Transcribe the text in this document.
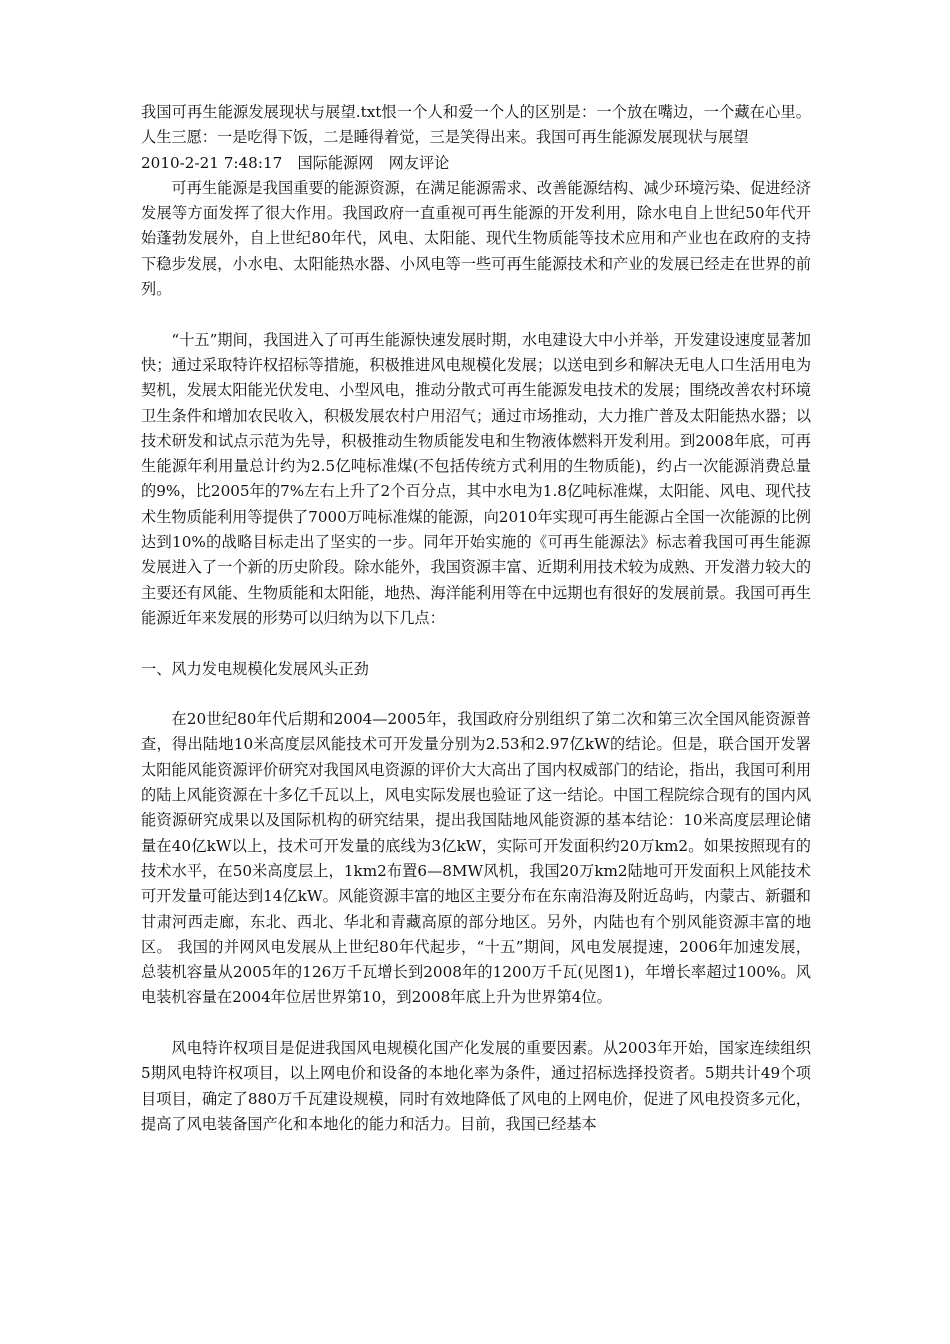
我国可再生能源发展现状与展望.txt恨一个人和爱一个人的区别是：一个放在嘴边，一个藏在心里。人生三愿：一是吃得下饭，二是睡得着觉，三是笑得出来。我国可再生能源发展现状与展望

2010-2-21 7:48:17 国际能源网 网友评论

可再生能源是我国重要的能源资源，在满足能源需求、改善能源结构、减少环境污染、促进经济发展等方面发挥了很大作用。我国政府一直重视可再生能源的开发利用，除水电自上世纪50年代开始蓬勃发展外，自上世纪80年代，风电、太阳能、现代生物质能等技术应用和产业也在政府的支持下稳步发展，小水电、太阳能热水器、小风电等一些可再生能源技术和产业的发展已经走在世界的前列。

“十五”期间，我国进入了可再生能源快速发展时期，水电建设大中小并举，开发建设速度显著加快；通过采取特许权招标等措施，积极推进风电规模化发展；以送电到乡和解决无电人口生活用电为契机，发展太阳能光伏发电、小型风电，推动分散式可再生能源发电技术的发展；围绕改善农村环境卫生条件和增加农民收入，积极发展农村户用沼气；通过市场推动，大力推广普及太阳能热水器；以技术研发和试点示范为先导，积极推动生物质能发电和生物液体燃料开发利用。到2008年底，可再生能源年利用量总计约为2.5亿吨标准煤(不包括传统方式利用的生物质能)，约占一次能源消费总量的9%，比2005年的7%左右上升了2个百分点，其中水电为1.8亿吨标准煤，太阳能、风电、现代技术生物质能利用等提供了7000万吨标准煤的能源，向2010年实现可再生能源占全国一次能源的比例达到10%的战略目标走出了坚实的一步。同年开始实施的《可再生能源法》标志着我国可再生能源发展进入了一个新的历史阶段。除水能外，我国资源丰富、近期利用技术较为成熟、开发潜力较大的主要还有风能、生物质能和太阳能，地热、海洋能利用等在中远期也有很好的发展前景。我国可再生能源近年来发展的形势可以归纳为以下几点：

一、风力发电规模化发展风头正劲

在20世纪80年代后期和2004—2005年，我国政府分别组织了第二次和第三次全国风能资源普查，得出陆地10米高度层风能技术可开发量分别为2.53和2.97亿kW的结论。但是，联合国开发署太阳能风能资源评价研究对我国风电资源的评价大大高出了国内权威部门的结论，指出，我国可利用的陆上风能资源在十多亿千瓦以上，风电实际发展也验证了这一结论。中国工程院综合现有的国内风能资源研究成果以及国际机构的研究结果，提出我国陆地风能资源的基本结论：10米高度层理论储量在40亿kW以上，技术可开发量的底线为3亿kW，实际可开发面积约20万km2。如果按照现有的技术水平，在50米高度层上，1km2布置6—8MW风机，我国20万km2陆地可开发面积上风能技术可开发量可能达到14亿kW。风能资源丰富的地区主要分布在东南沿海及附近岛屿，内蒙古、新疆和甘肃河西走廊，东北、西北、华北和青藏高原的部分地区。另外，内陆也有个别风能资源丰富的地区。 我国的并网风电发展从上世纪80年代起步，“十五”期间，风电发展提速，2006年加速发展，总装机容量从2005年的126万千瓦增长到2008年的1200万千瓦(见图1)，年增长率超过100%。风电装机容量在2004年位居世界第10，到2008年底上升为世界第4位。

风电特许权项目是促进我国风电规模化国产化发展的重要因素。从2003年开始，国家连续组织5期风电特许权项目，以上网电价和设备的本地化率为条件，通过招标选择投资者。5期共计49个项目项目，确定了880万千瓦建设规模，同时有效地降低了风电的上网电价，促进了风电投资多元化，提高了风电装备国产化和本地化的能力和活力。目前，我国已经基本
